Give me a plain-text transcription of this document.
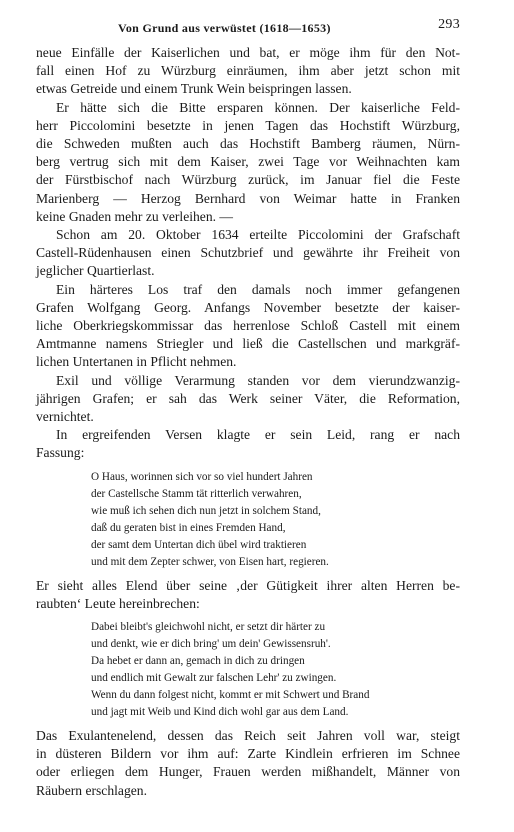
Von Grund aus verwüstet (1618—1653)	293
neue Einfälle der Kaiserlichen und bat, er möge ihm für den Not-
fall einen Hof zu Würzburg einräumen, ihm aber jetzt schon mit
etwas Getreide und einem Trunk Wein beispringen lassen.
Er hätte sich die Bitte ersparen können. Der kaiserliche Feld-
herr Piccolomini besetzte in jenen Tagen das Hochstift Würzburg,
die Schweden mußten auch das Hochstift Bamberg räumen, Nürn-
berg vertrug sich mit dem Kaiser, zwei Tage vor Weihnachten kam
der Fürstbischof nach Würzburg zurück, im Januar fiel die Feste
Marienberg — Herzog Bernhard von Weimar hatte in Franken
keine Gnaden mehr zu verleihen. —
Schon am 20. Oktober 1634 erteilte Piccolomini der Grafschaft
Castell-Rüdenhausen einen Schutzbrief und gewährte ihr Freiheit von
jeglicher Quartierlast.
Ein härteres Los traf den damals noch immer gefangenen
Grafen Wolfgang Georg. Anfangs November besetzte der kaiser-
liche Oberkriegskommissar das herrenlose Schloß Castell mit einem
Amtmanne namens Striegler und ließ die Castellschen und markgräf-
lichen Untertanen in Pflicht nehmen.
Exil und völlige Verarmung standen vor dem vierundzwanzig-
jährigen Grafen; er sah das Werk seiner Väter, die Reformation,
vernichtet.
In ergreifenden Versen klagte er sein Leid, rang er nach
Fassung:
O Haus, worinnen sich vor so viel hundert Jahren
der Castellsche Stamm tät ritterlich verwahren,
wie muß ich sehen dich nun jetzt in solchem Stand,
daß du geraten bist in eines Fremden Hand,
der samt dem Untertan dich übel wird traktieren
und mit dem Zepter schwer, von Eisen hart, regieren.
Er sieht alles Elend über seine ‚der Gütigkeit ihrer alten Herren be-
raubten‘ Leute hereinbrechen:
Dabei bleibt's gleichwohl nicht, er setzt dir härter zu
und denkt, wie er dich bring' um dein' Gewissensruh'.
Da hebet er dann an, gemach in dich zu dringen
und endlich mit Gewalt zur falschen Lehr' zu zwingen.
Wenn du dann folgest nicht, kommt er mit Schwert und Brand
und jagt mit Weib und Kind dich wohl gar aus dem Land.
Das Exulantenelend, dessen das Reich seit Jahren voll war, steigt
in düsteren Bildern vor ihm auf: Zarte Kindlein erfrieren im Schnee
oder erliegen dem Hunger, Frauen werden mißhandelt, Männer von
Räubern erschlagen.
